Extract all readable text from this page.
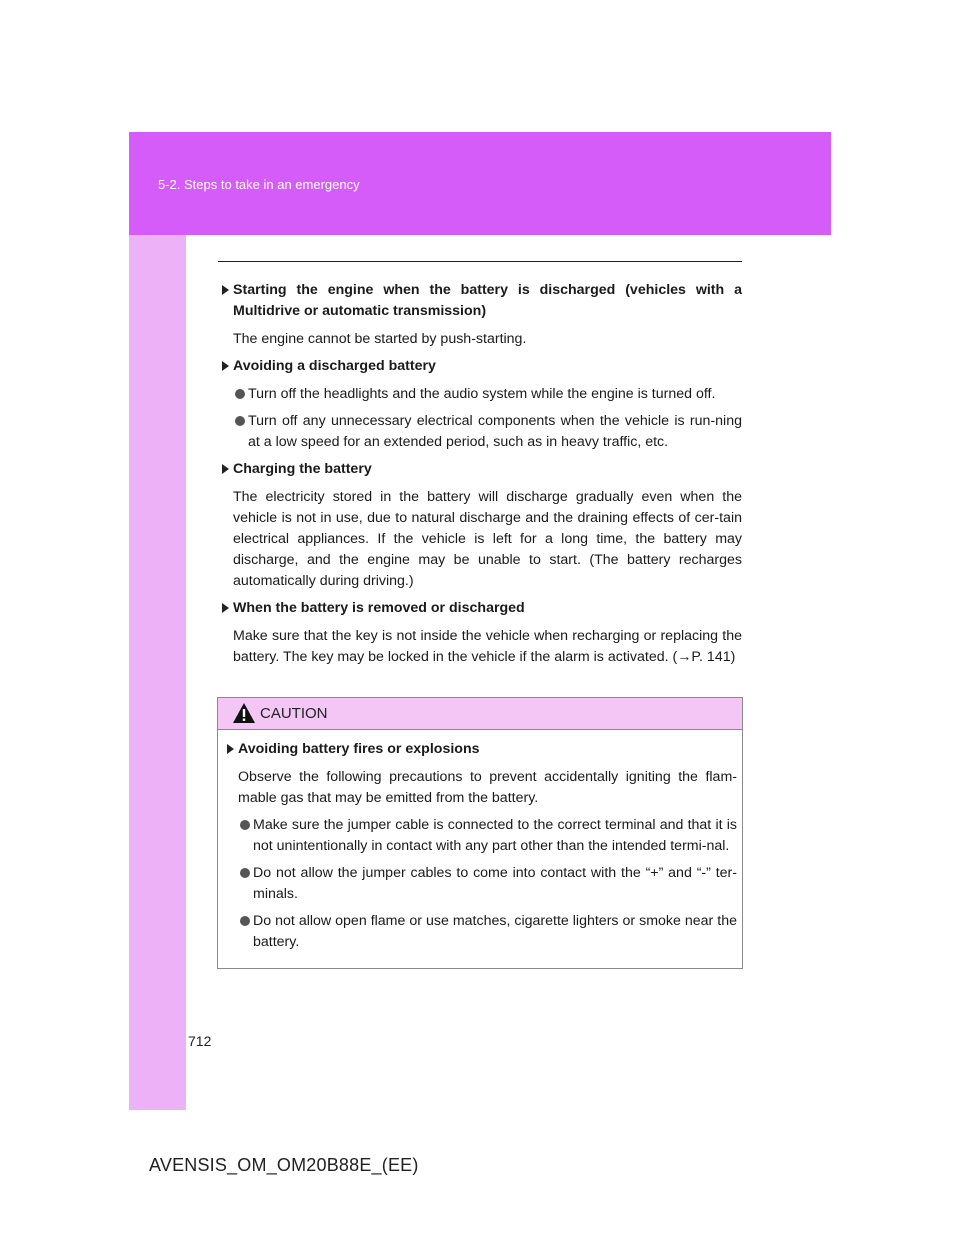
5-2. Steps to take in an emergency
Starting the engine when the battery is discharged (vehicles with a Multidrive or automatic transmission)
The engine cannot be started by push-starting.
Avoiding a discharged battery
Turn off the headlights and the audio system while the engine is turned off.
Turn off any unnecessary electrical components when the vehicle is run-ning at a low speed for an extended period, such as in heavy traffic, etc.
Charging the battery
The electricity stored in the battery will discharge gradually even when the vehicle is not in use, due to natural discharge and the draining effects of cer-tain electrical appliances. If the vehicle is left for a long time, the battery may discharge, and the engine may be unable to start. (The battery recharges automatically during driving.)
When the battery is removed or discharged
Make sure that the key is not inside the vehicle when recharging or replacing the battery. The key may be locked in the vehicle if the alarm is activated. (→P. 141)
CAUTION
Avoiding battery fires or explosions
Observe the following precautions to prevent accidentally igniting the flam-mable gas that may be emitted from the battery.
Make sure the jumper cable is connected to the correct terminal and that it is not unintentionally in contact with any part other than the intended termi-nal.
Do not allow the jumper cables to come into contact with the “+” and “-” ter-minals.
Do not allow open flame or use matches, cigarette lighters or smoke near the battery.
712
AVENSIS_OM_OM20B88E_(EE)
